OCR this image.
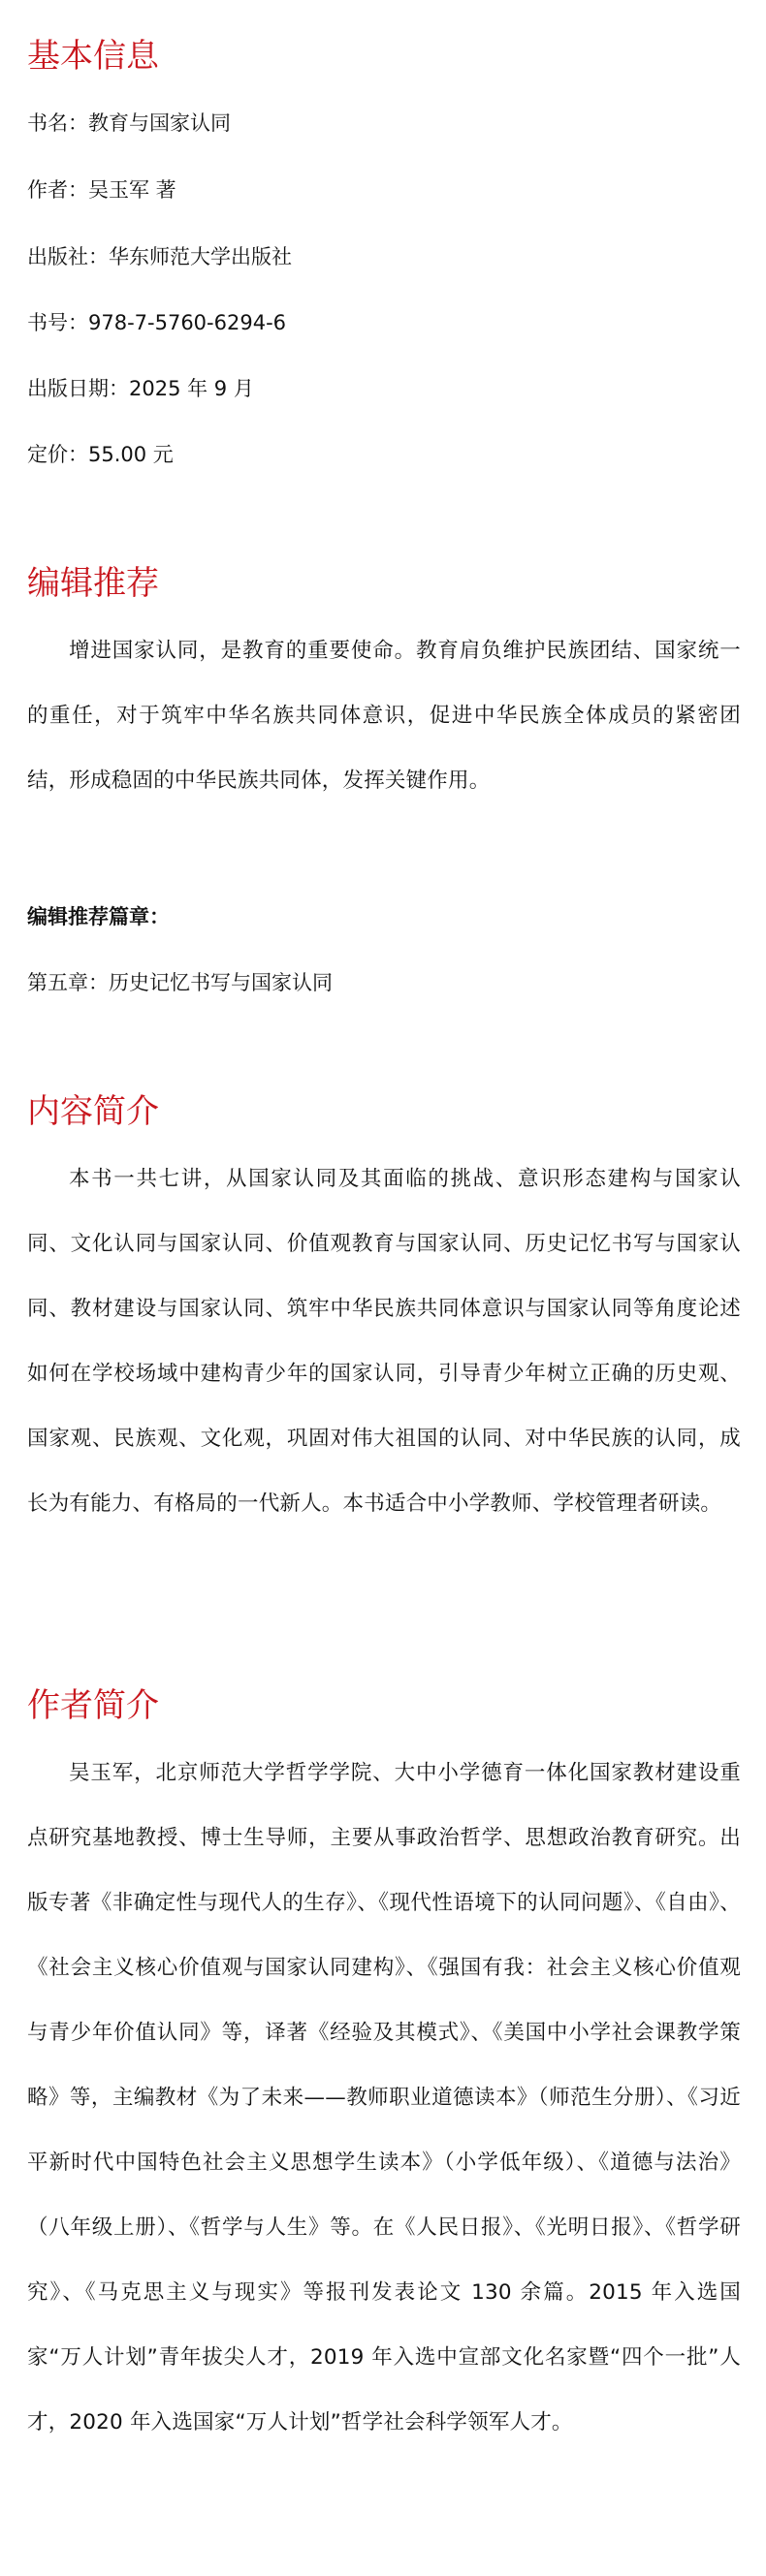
基本信息

书名：教育与国家认同

作者：吴玉军 著

出版社：华东师范大学出版社

书号：978-7-5760-6294-6

出版日期：2025 年 9 月

定价：55.00 元

编辑推荐

增进国家认同，是教育的重要使命。教育肩负维护民族团结、国家统一的重任，对于筑牢中华名族共同体意识，促进中华民族全体成员的紧密团结，形成稳固的中华民族共同体，发挥关键作用。

编辑推荐篇章：

第五章：历史记忆书写与国家认同

内容简介

本书一共七讲，从国家认同及其面临的挑战、意识形态建构与国家认同、文化认同与国家认同、价值观教育与国家认同、历史记忆书写与国家认同、教材建设与国家认同、筑牢中华民族共同体意识与国家认同等角度论述如何在学校场域中建构青少年的国家认同，引导青少年树立正确的历史观、国家观、民族观、文化观，巩固对伟大祖国的认同、对中华民族的认同，成长为有能力、有格局的一代新人。本书适合中小学教师、学校管理者研读。

作者简介

吴玉军，北京师范大学哲学学院、大中小学德育一体化国家教材建设重点研究基地教授、博士生导师，主要从事政治哲学、思想政治教育研究。出版专著《非确定性与现代人的生存》、《现代性语境下的认同问题》、《自由》、《社会主义核心价值观与国家认同建构》、《强国有我：社会主义核心价值观与青少年价值认同》等，译著《经验及其模式》、《美国中小学社会课教学策略》等，主编教材《为了未来——教师职业道德读本》（师范生分册）、《习近平新时代中国特色社会主义思想学生读本》（小学低年级）、《道德与法治》（八年级上册）、《哲学与人生》等。在《人民日报》、《光明日报》、《哲学研究》、《马克思主义与现实》等报刊发表论文 130 余篇。2015 年入选国家“万人计划”青年拔尖人才，2019 年入选中宣部文化名家暨“四个一批”人才，2020 年入选国家“万人计划”哲学社会科学领军人才。
